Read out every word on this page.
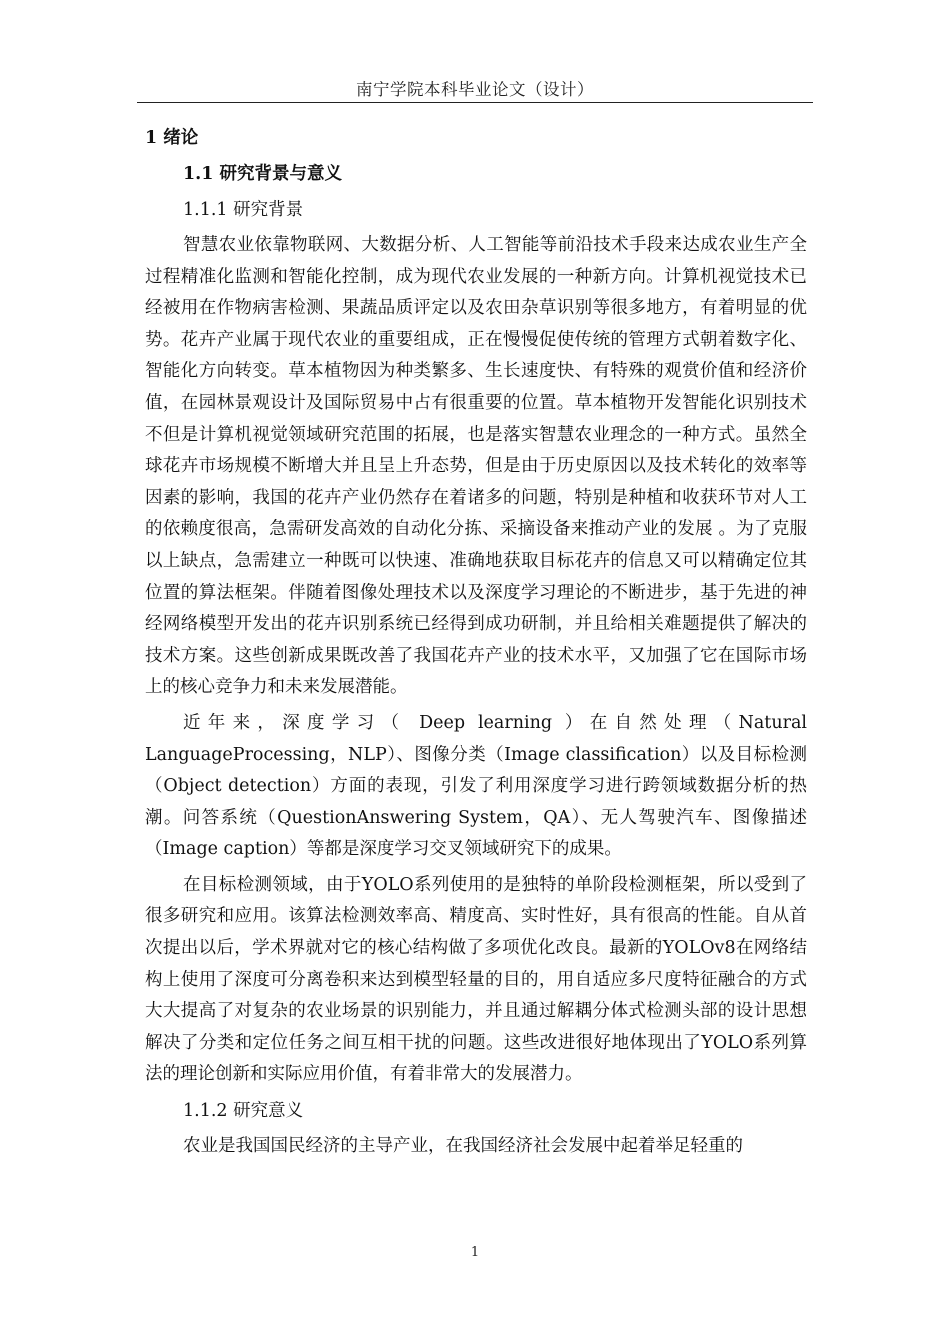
南宁学院本科毕业论文（设计）
1 绪论
1.1 研究背景与意义
1.1.1 研究背景

智慧农业依靠物联网、大数据分析、人工智能等前沿技术手段来达成农业生产全过程精准化监测和智能化控制，成为现代农业发展的一种新方向。计算机视觉技术已经被用在作物病害检测、果蔬品质评定以及农田杂草识别等很多地方，有着明显的优势。花卉产业属于现代农业的重要组成，正在慢慢促使传统的管理方式朝着数字化、智能化方向转变。草本植物因为种类繁多、生长速度快、有特殊的观赏价值和经济价值，在园林景观设计及国际贸易中占有很重要的位置。草本植物开发智能化识别技术不但是计算机视觉领域研究范围的拓展，也是落实智慧农业理念的一种方式。虽然全球花卉市场规模不断增大并且呈上升态势，但是由于历史原因以及技术转化的效率等因素的影响，我国的花卉产业仍然存在着诸多的问题，特别是种植和收获环节对人工的依赖度很高，急需研发高效的自动化分拣、采摘设备来推动产业的发展 。为了克服以上缺点，急需建立一种既可以快速、准确地获取目标花卉的信息又可以精确定位其位置的算法框架。伴随着图像处理技术以及深度学习理论的不断进步，基于先进的神经网络模型开发出的花卉识别系统已经得到成功研制，并且给相关难题提供了解决的技术方案。这些创新成果既改善了我国花卉产业的技术水平，又加强了它在国际市场上的核心竞争力和未来发展潜能。

近年来，深度学习（ Deep learning ）在自然处理（Natural LanguageProcessing，NLP）、图像分类（Image classification）以及目标检测（Object detection）方面的表现，引发了利用深度学习进行跨领域数据分析的热潮。问答系统（QuestionAnswering System，QA）、无人驾驶汽车、图像描述（Image caption）等都是深度学习交叉领域研究下的成果。

在目标检测领域，由于YOLO系列使用的是独特的单阶段检测框架，所以受到了很多研究和应用。该算法检测效率高、精度高、实时性好，具有很高的性能。自从首次提出以后，学术界就对它的核心结构做了多项优化改良。最新的YOLOv8在网络结构上使用了深度可分离卷积来达到模型轻量的目的，用自适应多尺度特征融合的方式大大提高了对复杂的农业场景的识别能力，并且通过解耦分体式检测头部的设计思想解决了分类和定位任务之间互相干扰的问题。这些改进很好地体现出了YOLO系列算法的理论创新和实际应用价值，有着非常大的发展潜力。

1.1.2 研究意义

农业是我国国民经济的主导产业，在我国经济社会发展中起着举足轻重的

1
